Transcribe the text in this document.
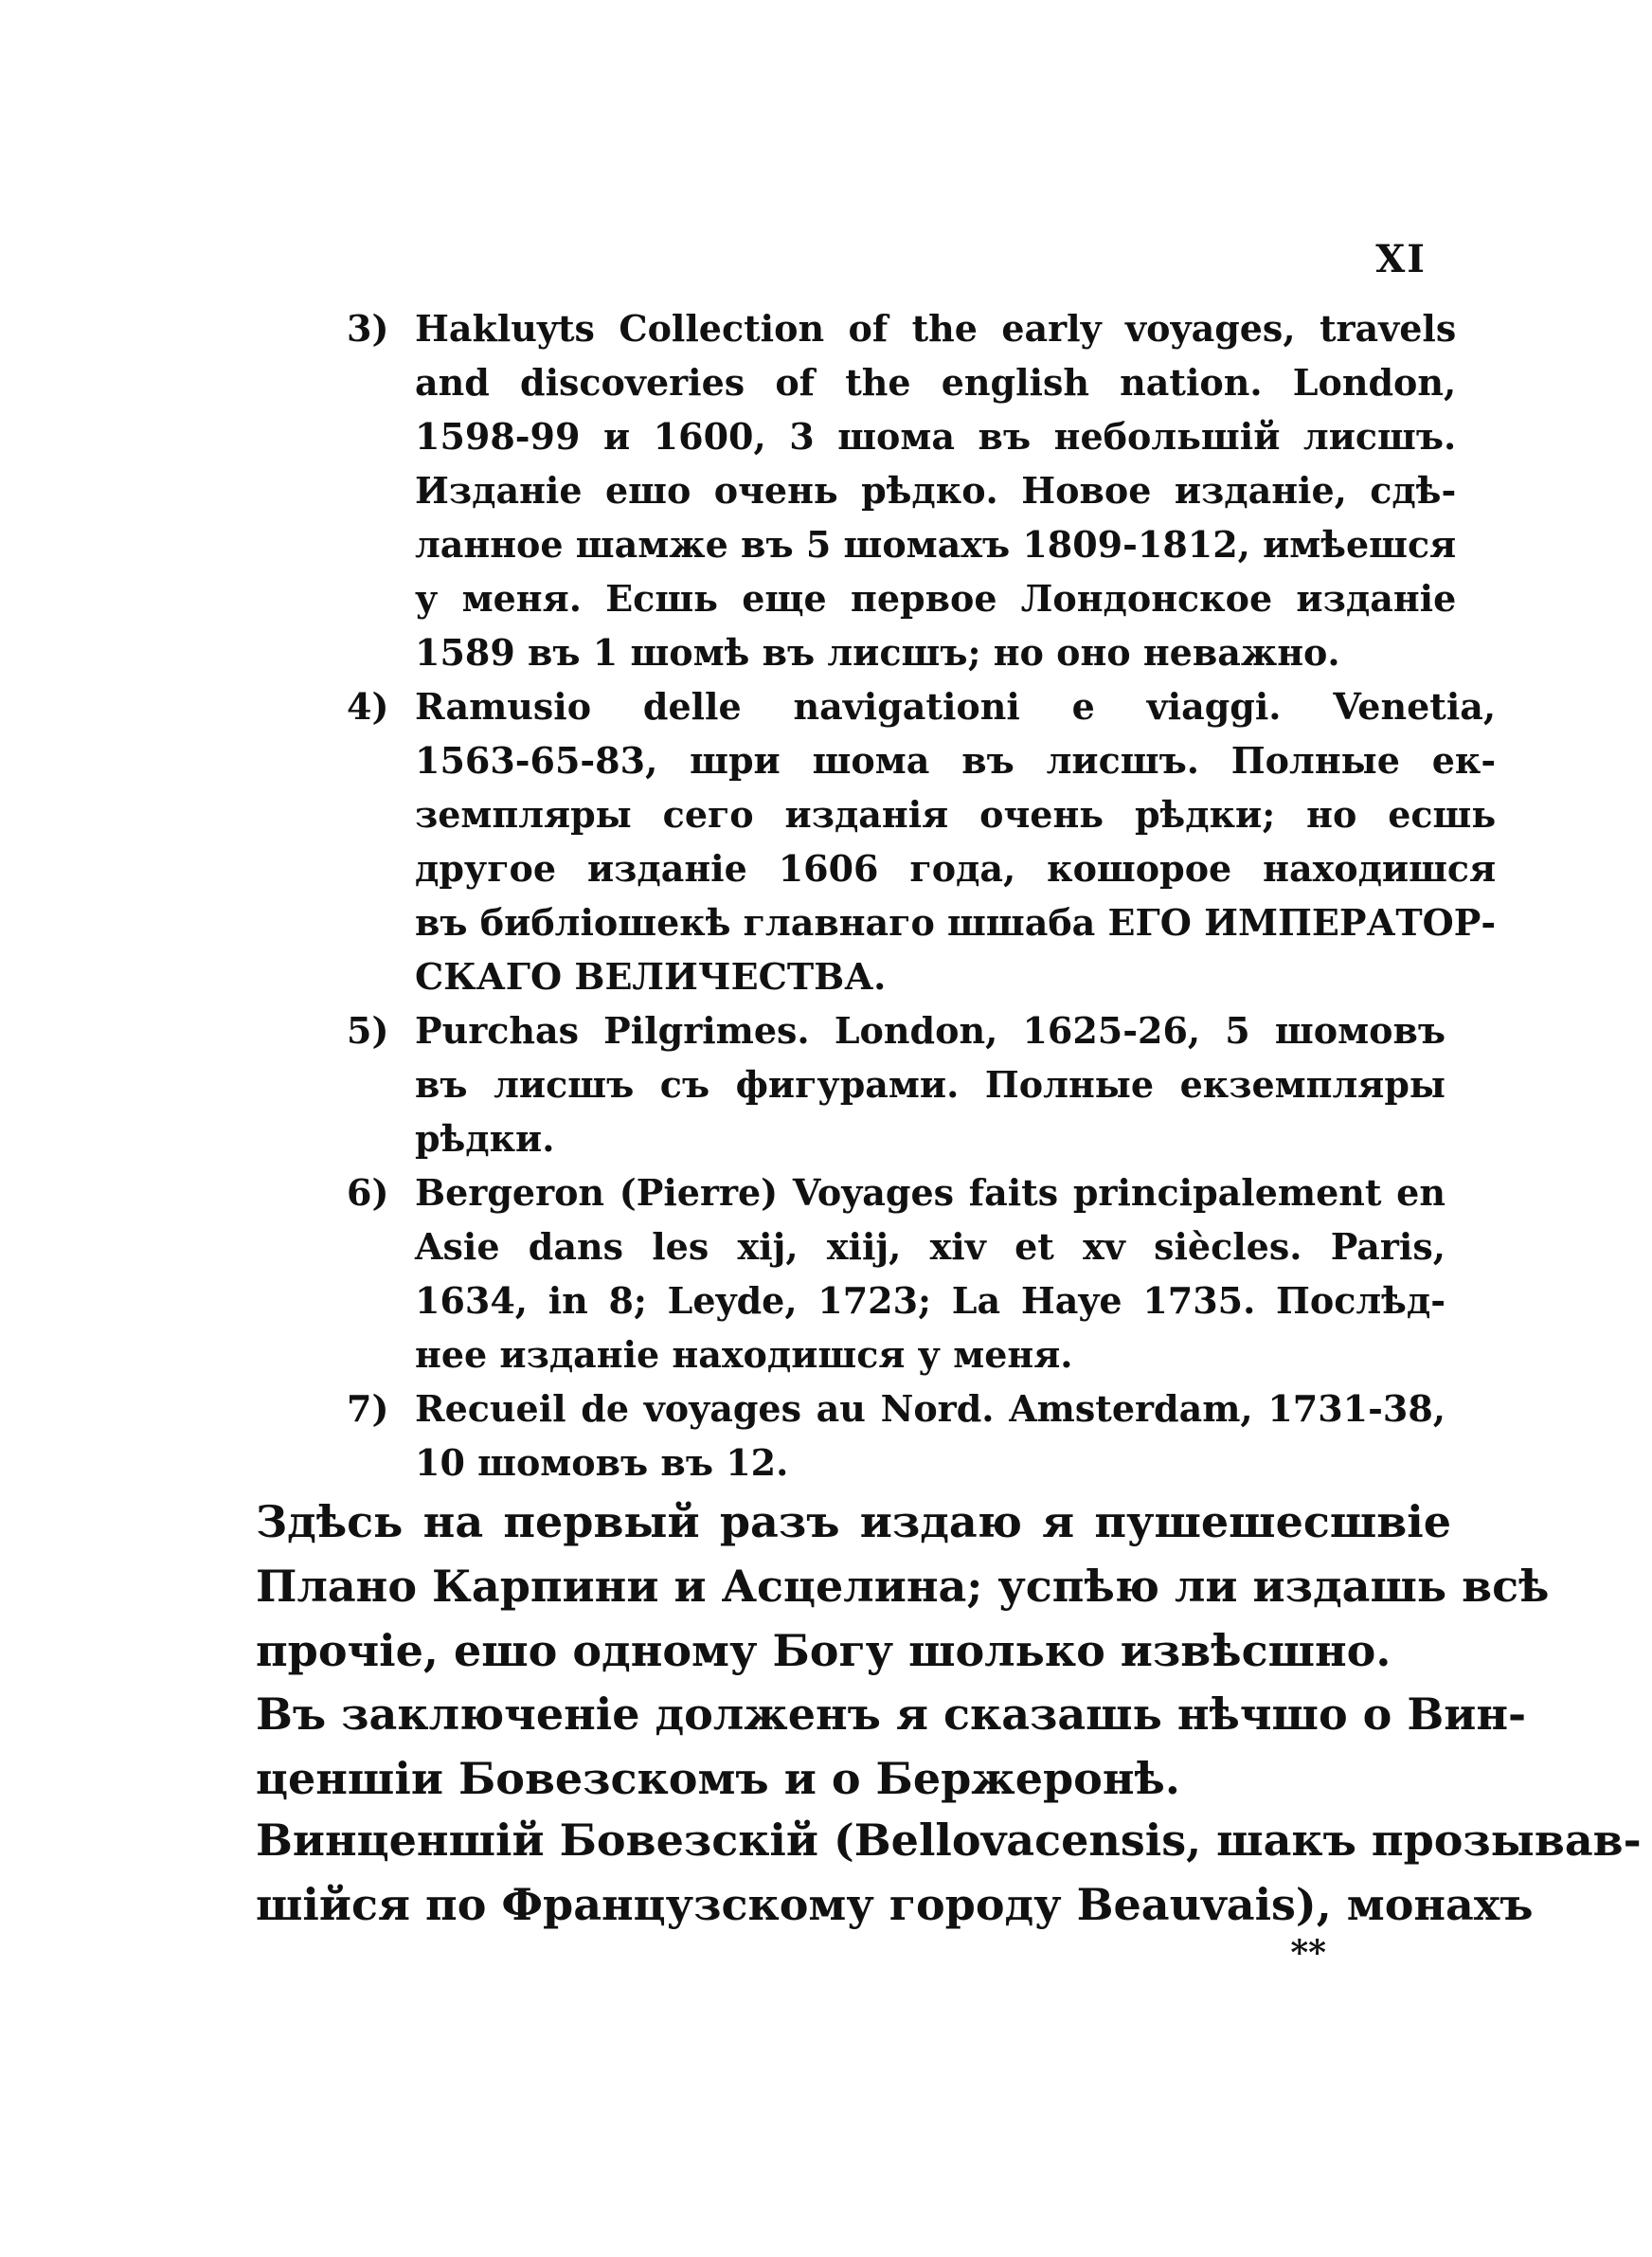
XI
3) Hakluyts Collection of the early voyages, travels
and discoveries of the english nation. London,
1598-99 и 1600, 3 шома въ небольшій лисшъ.
Изданіе ешо очень рѣдко. Новое изданіе, сдѣ-
ланное шамже въ 5 шомахъ 1809-1812, имѣешся
у меня. Есшь еще первое Лондонское изданіе
1589 въ 1 шомѣ въ лисшъ; но оно неважно.
4) Ramusio delle navigationi e viaggi. Venetia,
1563-65-83, шри шома въ лисшъ. Полные ек-
земпляры сего изданія очень рѣдки; но есшь
другое изданіе 1606 года, кошорое находишся
въ библіошекѣ главнаго шшаба ЕГО ИМПЕРАТОР-
СКАГО ВЕЛИЧЕСТВА.
5) Purchas Pilgrimes. London, 1625-26, 5 шомовъ
въ лисшъ съ фигурами. Полные екземпляры
рѣдки.
6) Bergeron (Pierre) Voyages faits principalement en
Asie dans les xij, xiij, xiv et xv siècles. Paris,
1634, in 8; Leyde, 1723; La Haye 1735. Послѣд-
нее изданіе находишся у меня.
7) Recueil de voyages au Nord. Amsterdam, 1731-38,
10 шомовъ въ 12.

Здѣсь на первый разъ издаю я пушешесшвіе
Плано Карпини и Асцелина; успѣю ли издашь всѣ
прочіе, ешо одному Богу шолько извѣсшно.

Въ заключеніе долженъ я сказашь нѣчшо о Вин-
ценшіи Бовезскомъ и о Бержеронѣ.

Винценшій Бовезскій (Bellovacensis, шакъ прозывав-
шійся по Французскому городу Beauvais), монахъ

**
